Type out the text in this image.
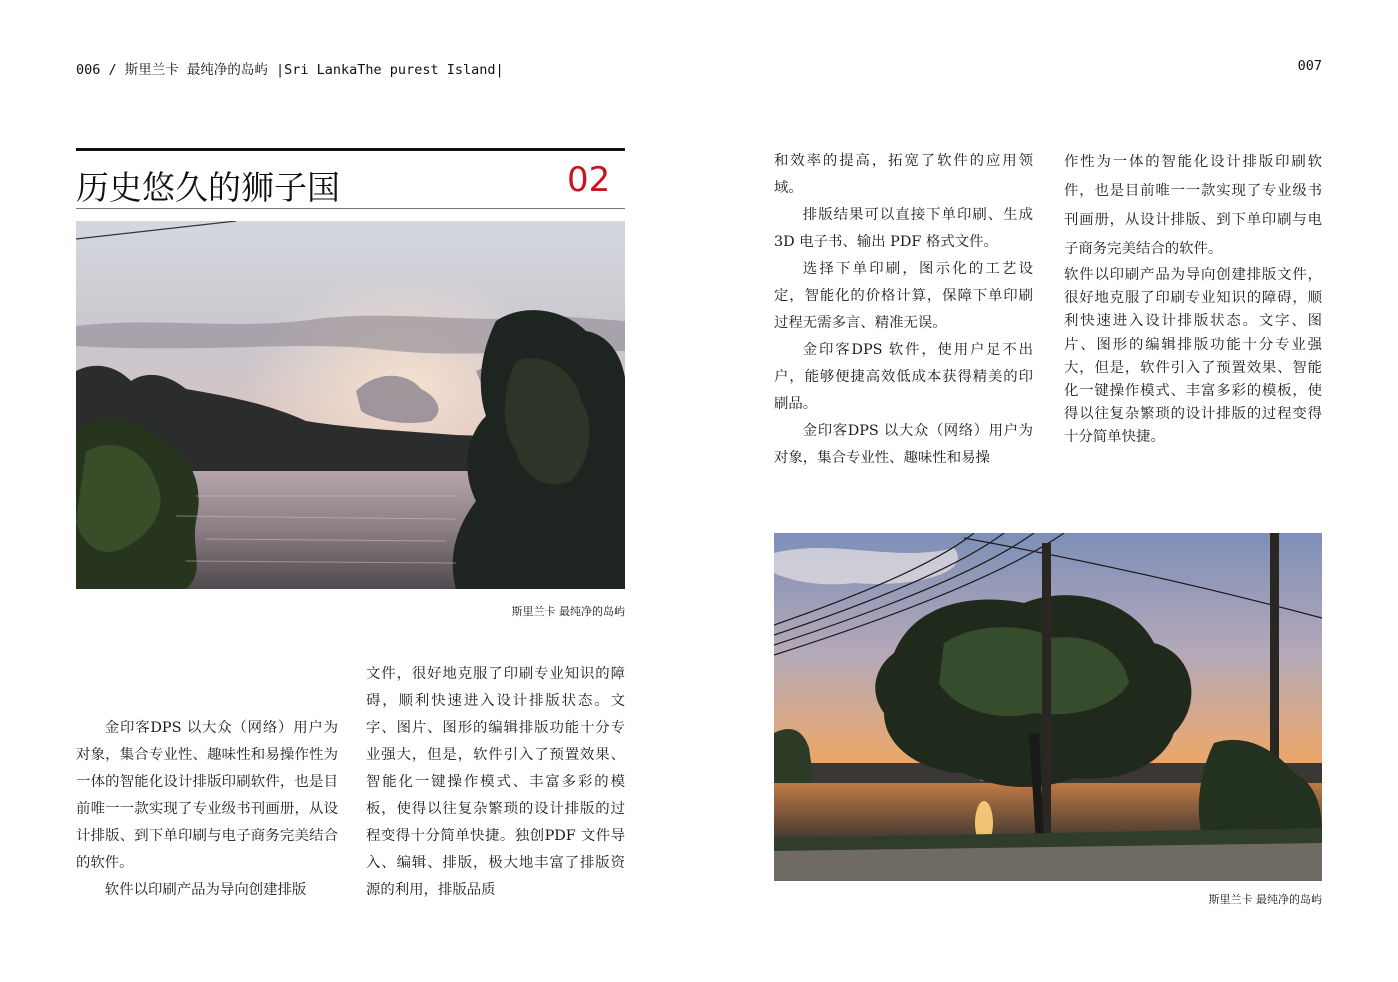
006 / 斯里兰卡 最纯净的岛屿 |Sri LankaThe purest Island|	007
历史悠久的狮子国	02
斯里兰卡 最纯净的岛屿
斯里兰卡 最纯净的岛屿

金印客DPS 以大众（网络）用户为对象，集合专业性、趣味性和易操作性为一体的智能化设计排版印刷软件，也是目前唯一一款实现了专业级书刊画册，从设计排版、到下单印刷与电子商务完美结合的软件。

软件以印刷产品为导向创建排版

文件，很好地克服了印刷专业知识的障碍，顺利快速进入设计排版状态。文字、图片、图形的编辑排版功能十分专业强大，但是，软件引入了预置效果、智能化一键操作模式、丰富多彩的模板，使得以往复杂繁琐的设计排版的过程变得十分简单快捷。独创PDF 文件导入、编辑、排版，极大地丰富了排版资源的利用，排版品质

和效率的提高，拓宽了软件的应用领域。

排版结果可以直接下单印刷、生成 3D 电子书、输出 PDF 格式文件。

选择下单印刷，图示化的工艺设定，智能化的价格计算，保障下单印刷过程无需多言、精准无误。

金印客DPS 软件，使用户足不出户，能够便捷高效低成本获得精美的印刷品。

金印客DPS 以大众（网络）用户为对象，集合专业性、趣味性和易操

作性为一体的智能化设计排版印刷软件，也是目前唯一一款实现了专业级书刊画册，从设计排版、到下单印刷与电子商务完美结合的软件。

软件以印刷产品为导向创建排版文件，很好地克服了印刷专业知识的障碍，顺利快速进入设计排版状态。文字、图片、图形的编辑排版功能十分专业强大，但是，软件引入了预置效果、智能化一键操作模式、丰富多彩的模板，使得以往复杂繁琐的设计排版的过程变得十分简单快捷。
